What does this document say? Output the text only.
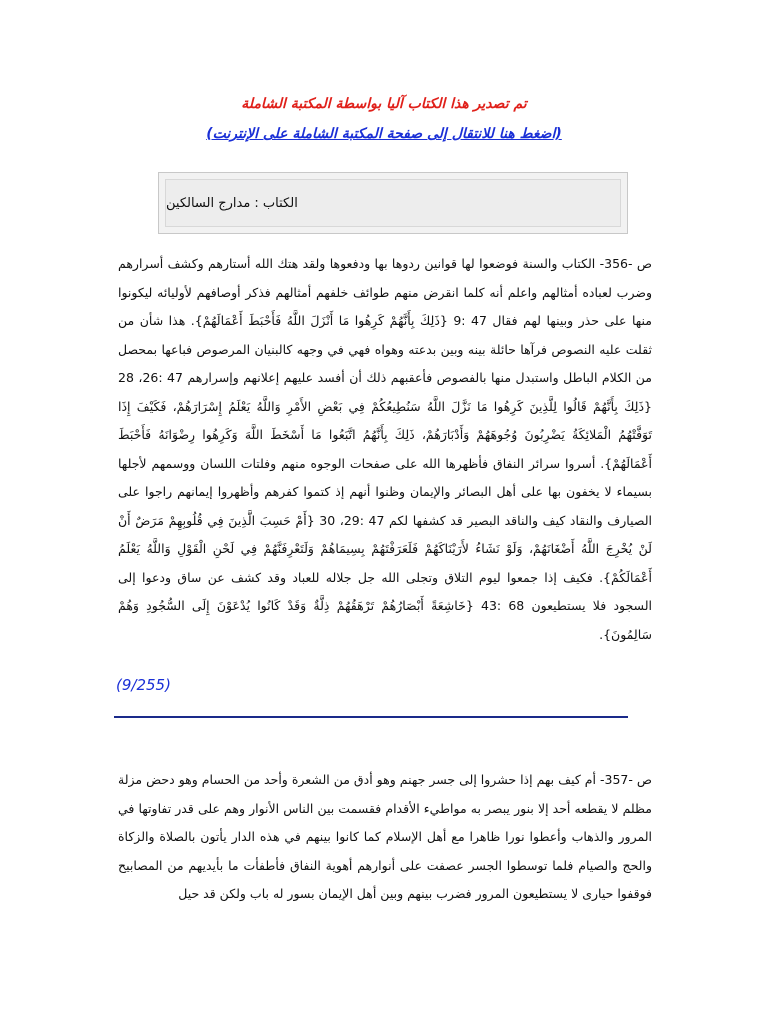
تم تصدير هذا الكتاب آليا بواسطة المكتبة الشاملة
(اضغط هنا للانتقال إلى صفحة المكتبة الشاملة على الإنترنت)
الكتاب : مدارج السالكين

ص -356- الكتاب والسنة فوضعوا لها قوانين ردوها بها ودفعوها ولقد هتك الله أستارهم وكشف أسرارهم وضرب لعباده أمثالهم واعلم أنه كلما انقرض منهم طوائف خلفهم أمثالهم فذكر أوصافهم لأوليائه ليكونوا منها على حذر وبينها لهم فقال 47 :9 {ذَلِكَ بِأَنَّهُمْ كَرِهُوا مَا أَنْزَلَ اللَّهُ فَأَحْبَطَ أَعْمَالَهُمْ}. هذا شأن من ثقلت عليه النصوص فرآها حائلة بينه وبين بدعته وهواه فهي في وجهه كالبنيان المرصوص فباعها بمحصل من الكلام الباطل واستبدل منها بالفصوص فأعقبهم ذلك أن أفسد عليهم إعلانهم وإسرارهم 47 :26، 28 {ذَلِكَ بِأَنَّهُمْ قَالُوا لِلَّذِينَ كَرِهُوا مَا نَزَّلَ اللَّهُ سَنُطِيعُكُمْ فِي بَعْضِ الأَمْرِ وَاللَّهُ يَعْلَمُ إِسْرَارَهُمْ، فَكَيْفَ إِذَا تَوَفَّتْهُمُ الْمَلائِكَةُ يَضْرِبُونَ وُجُوهَهُمْ وَأَدْبَارَهُمْ، ذَلِكَ بِأَنَّهُمُ اتَّبَعُوا مَا أَسْخَطَ اللَّهَ وَكَرِهُوا رِضْوَانَهُ فَأَحْبَطَ أَعْمَالَهُمْ}. أسروا سرائر النفاق فأظهرها الله على صفحات الوجوه منهم وفلتات اللسان ووسمهم لأجلها بسيماء لا يخفون بها على أهل البصائر والإيمان وظنوا أنهم إذ كتموا كفرهم وأظهروا إيمانهم راجوا على الصيارف والنقاد كيف والناقد البصير قد كشفها لكم 47 :29، 30 {أَمْ حَسِبَ الَّذِينَ فِي قُلُوبِهِمْ مَرَضٌ أَنْ لَنْ يُخْرِجَ اللَّهُ أَضْغَانَهُمْ، وَلَوْ نَشَاءُ لأَرَيْنَاكَهُمْ فَلَعَرَفْتَهُمْ بِسِيمَاهُمْ وَلَتَعْرِفَنَّهُمْ فِي لَحْنِ الْقَوْلِ وَاللَّهُ يَعْلَمُ أَعْمَالَكُمْ}. فكيف إذا جمعوا ليوم التلاق وتجلى الله جل جلاله للعباد وقد كشف عن ساق ودعوا إلى السجود فلا يستطيعون 68 :43 {خَاشِعَةً أَبْصَارُهُمْ تَرْهَقُهُمْ ذِلَّةٌ وَقَدْ كَانُوا يُدْعَوْنَ إِلَى السُّجُودِ وَهُمْ سَالِمُونَ}.

(9/255)

ص -357- أم كيف بهم إذا حشروا إلى جسر جهنم وهو أدق من الشعرة وأحد من الحسام وهو دحض مزلة مظلم لا يقطعه أحد إلا بنور يبصر به مواطيء الأقدام فقسمت بين الناس الأنوار وهم على قدر تفاوتها في المرور والذهاب وأعطوا نورا ظاهرا مع أهل الإسلام كما كانوا بينهم في هذه الدار يأتون بالصلاة والزكاة والحج والصيام فلما توسطوا الجسر عصفت على أنوارهم أهوية النفاق فأطفأت ما بأيديهم من المصابيح فوقفوا حيارى لا يستطيعون المرور فضرب بينهم وبين أهل الإيمان بسور له باب ولكن قد حيل
